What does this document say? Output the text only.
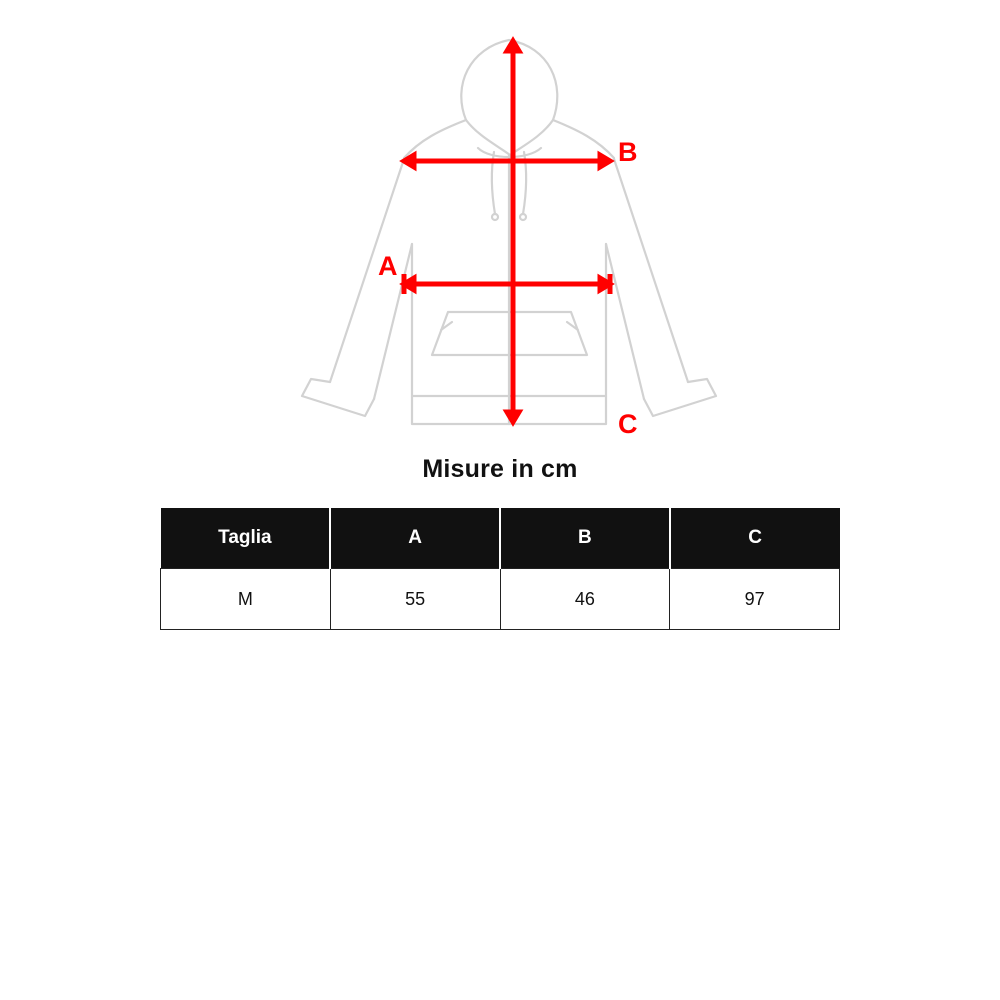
A
B
C
Misure in cm
Taglia	A	B	C
M	55	46	97
